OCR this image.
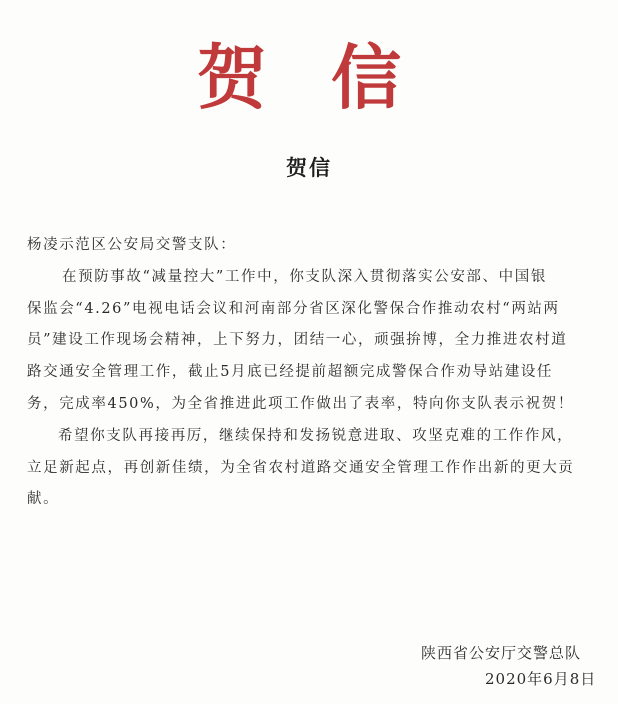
贺 信
贺信
杨凌示范区公安局交警支队：
在预防事故“减量控大”工作中，你支队深入贯彻落实公安部、中国银
保监会“4.26”电视电话会议和河南部分省区深化警保合作推动农村“两站两
员”建设工作现场会精神，上下努力，团结一心，顽强拚博，全力推进农村道
路交通安全管理工作，截止5月底已经提前超额完成警保合作劝导站建设任
务，完成率450%，为全省推进此项工作做出了表率，特向你支队表示祝贺！
希望你支队再接再厉，继续保持和发扬锐意进取、攻坚克难的工作作风，
立足新起点，再创新佳绩，为全省农村道路交通安全管理工作作出新的更大贡
献。
陕西省公安厅交警总队
2020年6月8日
